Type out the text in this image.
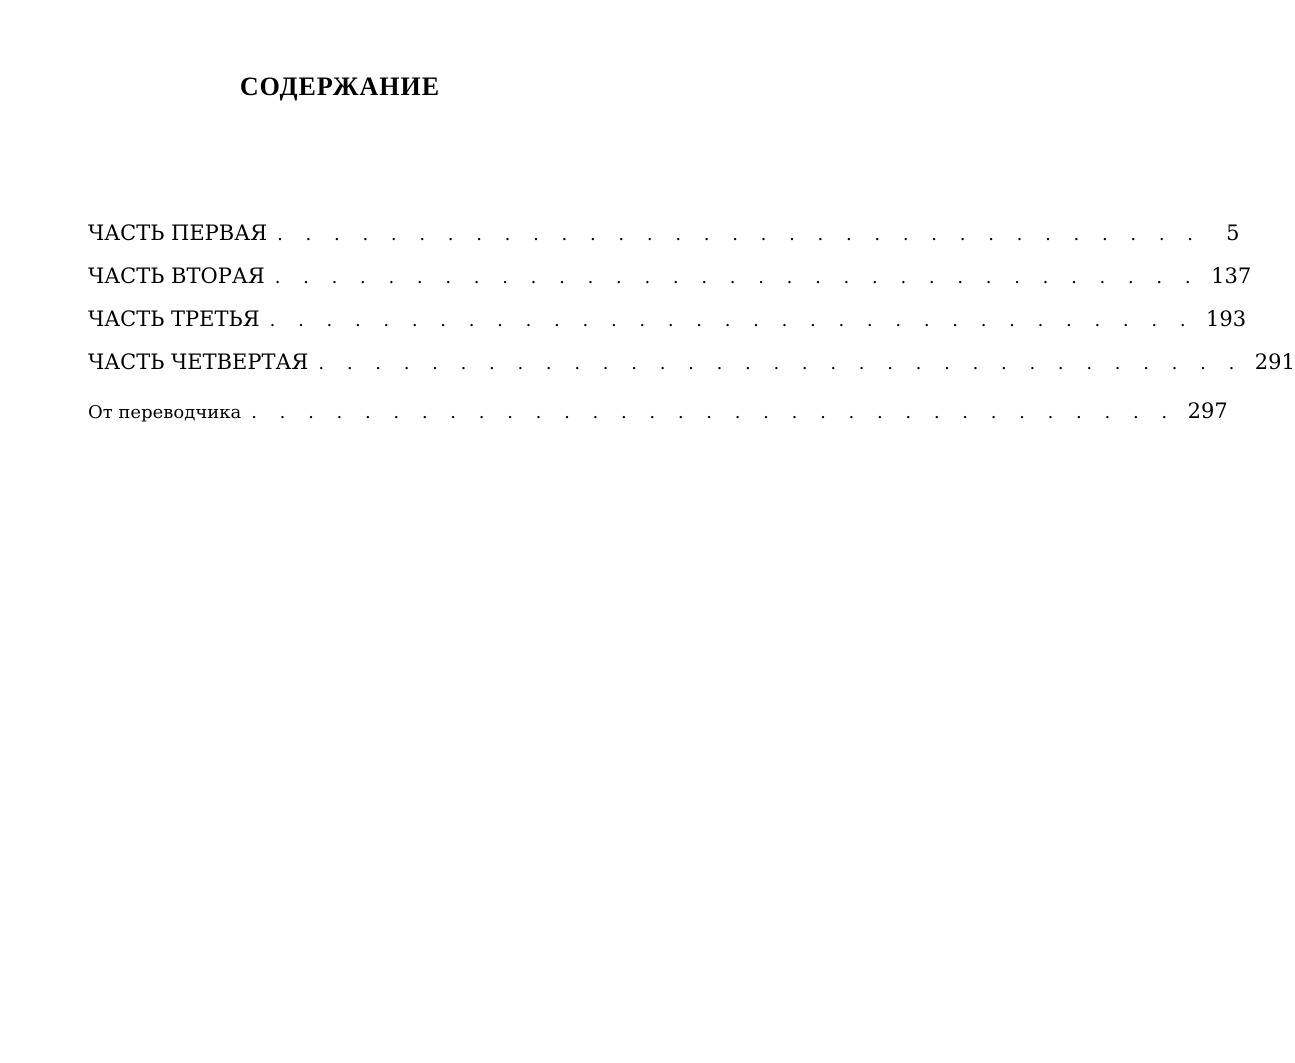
СОДЕРЖАНИЕ
ЧАСТЬ ПЕРВАЯ . . . . . . . . . . . . . . . . . . . . . . . . . . . . . . . . .	5
ЧАСТЬ ВТОРАЯ . . . . . . . . . . . . . . . . . . . . . . . . . . . . . . . . . 137
ЧАСТЬ ТРЕТЬЯ . . . . . . . . . . . . . . . . . . . . . . . . . . . . . . . . . 193
ЧАСТЬ ЧЕТВЕРТАЯ . . . . . . . . . . . . . . . . . . . . . . . . . . . . . . . . . 291
От переводчика . . . . . . . . . . . . . . . . . . . . . . . . . . . . . . . . . 297
